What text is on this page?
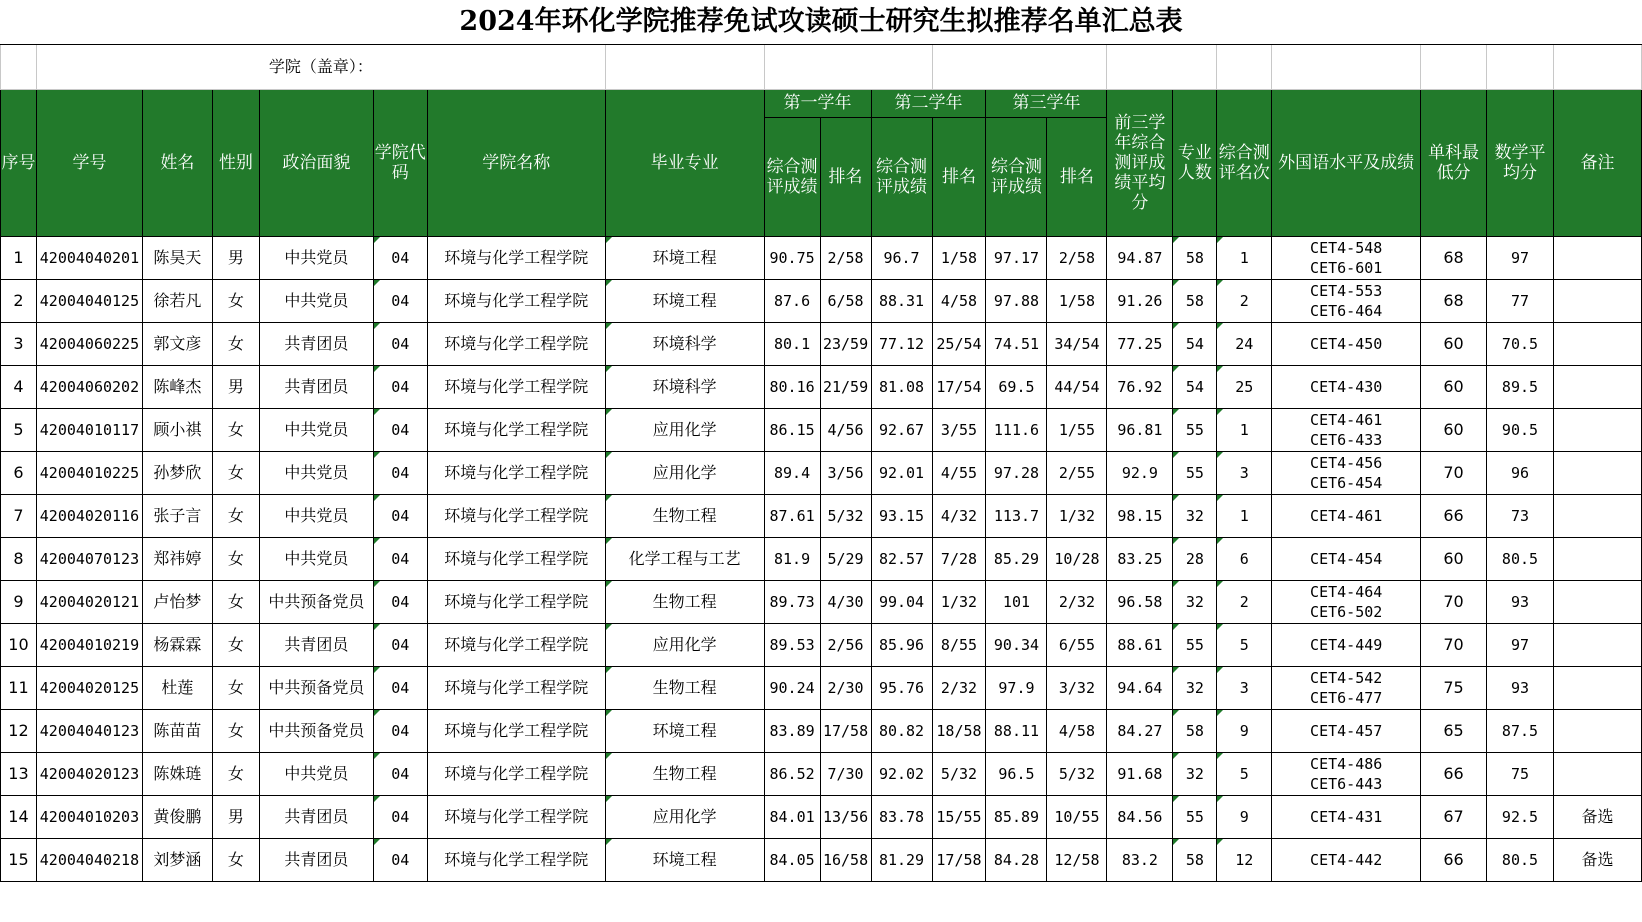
2024年环化学院推荐免试攻读硕士研究生拟推荐名单汇总表																				
	学院（盖章）：																			
序号	学号	姓名	性别	政治面貌	学院代码	学院名称	毕业专业	第一学年		第二学年		第三学年		前三学年综合测评成绩平均分	专业人数	综合测评名次	外国语水平及成绩	单科最低分	数学平均分	备注
								综合测评成绩	排名	综合测评成绩	排名	综合测评成绩	排名							
1	42004040201	陈昊天	男	中共党员	04	环境与化学工程学院	环境工程	90.75	2/58	96.7	1/58	97.17	2/58	94.87	58	1	CET4-548
CET6-601	68	97	
2	42004040125	徐若凡	女	中共党员	04	环境与化学工程学院	环境工程	87.6	6/58	88.31	4/58	97.88	1/58	91.26	58	2	CET4-553
CET6-464	68	77	
3	42004060225	郭文彦	女	共青团员	04	环境与化学工程学院	环境科学	80.1	23/59	77.12	25/54	74.51	34/54	77.25	54	24	CET4-450	60	70.5	
4	42004060202	陈峰杰	男	共青团员	04	环境与化学工程学院	环境科学	80.16	21/59	81.08	17/54	69.5	44/54	76.92	54	25	CET4-430	60	89.5	
5	42004010117	顾小祺	女	中共党员	04	环境与化学工程学院	应用化学	86.15	4/56	92.67	3/55	111.6	1/55	96.81	55	1	CET4-461
CET6-433	60	90.5	
6	42004010225	孙梦欣	女	中共党员	04	环境与化学工程学院	应用化学	89.4	3/56	92.01	4/55	97.28	2/55	92.9	55	3	CET4-456
CET6-454	70	96	
7	42004020116	张子言	女	中共党员	04	环境与化学工程学院	生物工程	87.61	5/32	93.15	4/32	113.7	1/32	98.15	32	1	CET4-461	66	73	
8	42004070123	郑祎婷	女	中共党员	04	环境与化学工程学院	化学工程与工艺	81.9	5/29	82.57	7/28	85.29	10/28	83.25	28	6	CET4-454	60	80.5	
9	42004020121	卢怡梦	女	中共预备党员	04	环境与化学工程学院	生物工程	89.73	4/30	99.04	1/32	101	2/32	96.58	32	2	CET4-464
CET6-502	70	93	
10	42004010219	杨霖霖	女	共青团员	04	环境与化学工程学院	应用化学	89.53	2/56	85.96	8/55	90.34	6/55	88.61	55	5	CET4-449	70	97	
11	42004020125	杜莲	女	中共预备党员	04	环境与化学工程学院	生物工程	90.24	2/30	95.76	2/32	97.9	3/32	94.64	32	3	CET4-542
CET6-477	75	93	
12	42004040123	陈苗苗	女	中共预备党员	04	环境与化学工程学院	环境工程	83.89	17/58	80.82	18/58	88.11	4/58	84.27	58	9	CET4-457	65	87.5	
13	42004020123	陈姝琏	女	中共党员	04	环境与化学工程学院	生物工程	86.52	7/30	92.02	5/32	96.5	5/32	91.68	32	5	CET4-486
CET6-443	66	75	
14	42004010203	黄俊鹏	男	共青团员	04	环境与化学工程学院	应用化学	84.01	13/56	83.78	15/55	85.89	10/55	84.56	55	9	CET4-431	67	92.5	备选
15	42004040218	刘梦涵	女	共青团员	04	环境与化学工程学院	环境工程	84.05	16/58	81.29	17/58	84.28	12/58	83.2	58	12	CET4-442	66	80.5	备选
